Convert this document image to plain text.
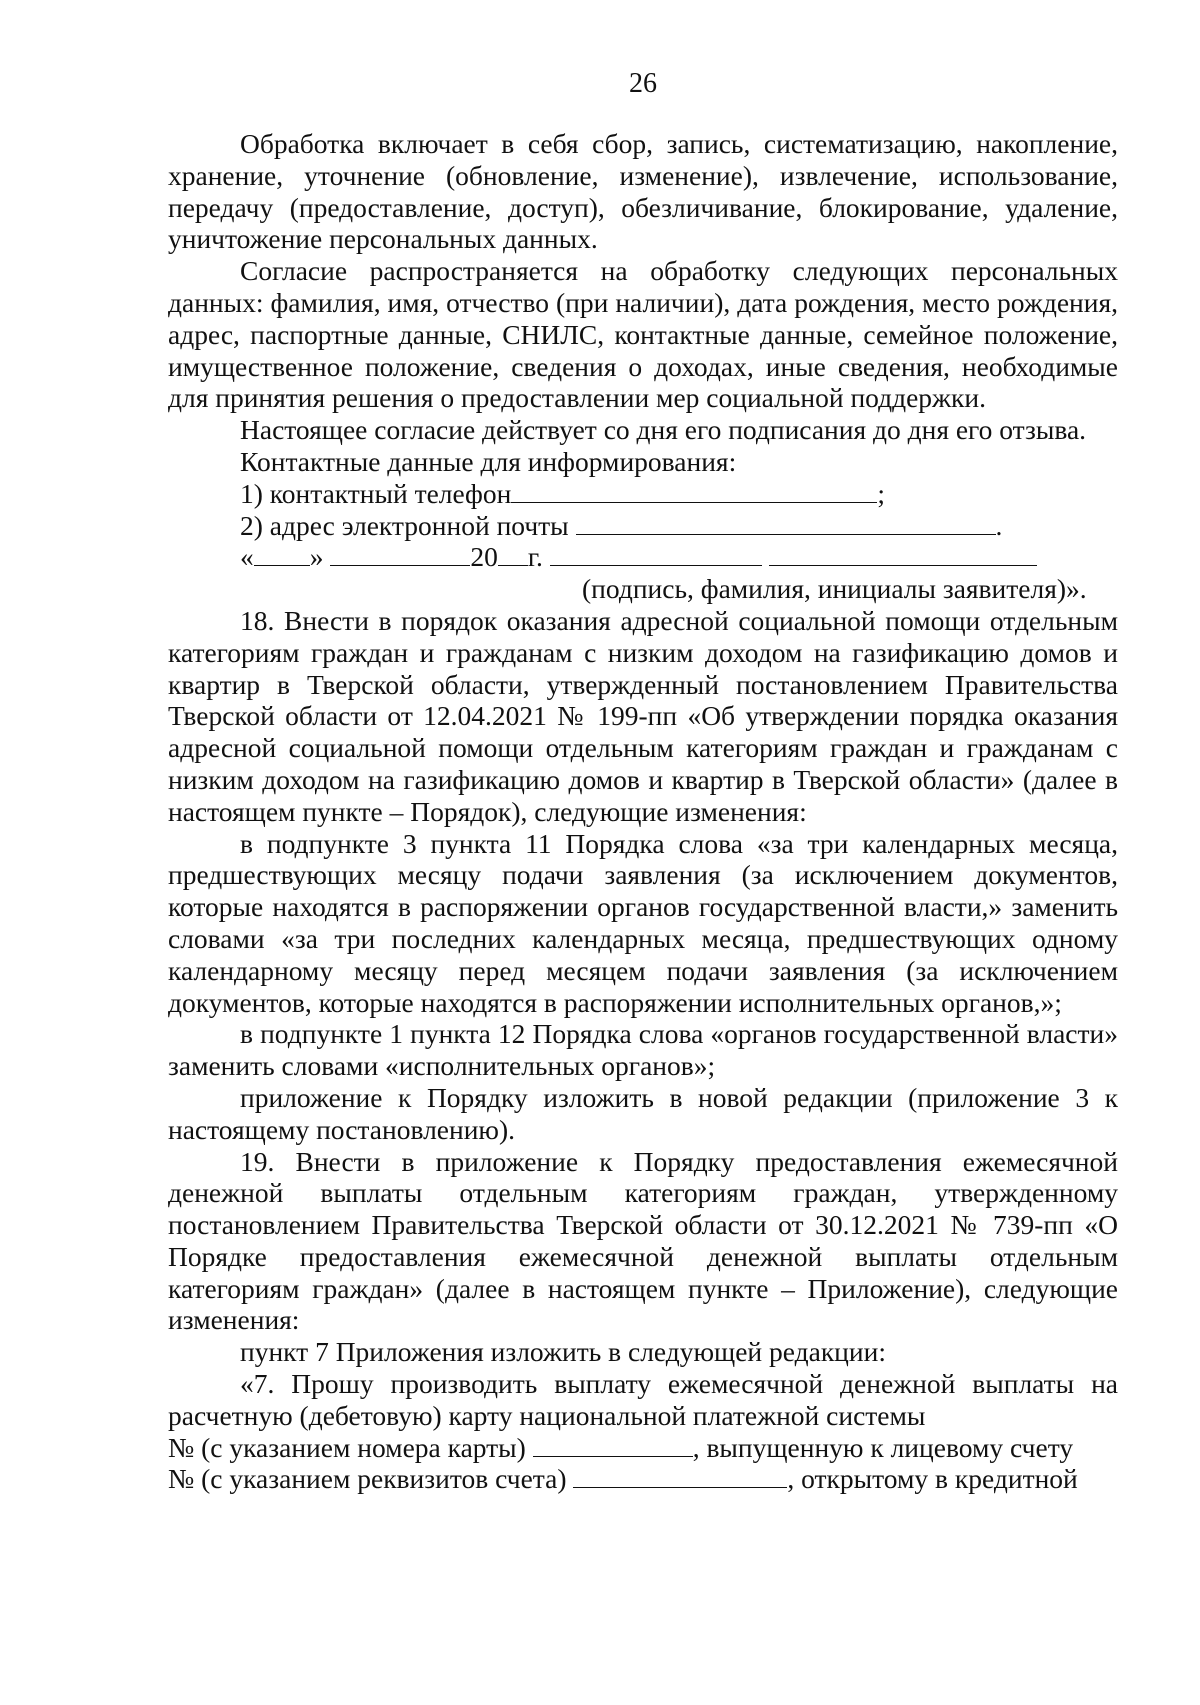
26

Обработка включает в себя сбор, запись, систематизацию, накопление, хранение, уточнение (обновление, изменение), извлечение, использование, передачу (предоставление, доступ), обезличивание, блокирование, удаление, уничтожение персональных данных.

Согласие распространяется на обработку следующих персональных данных: фамилия, имя, отчество (при наличии), дата рождения, место рождения, адрес, паспортные данные, СНИЛС, контактные данные, семейное положение, имущественное положение, сведения о доходах, иные сведения, необходимые для принятия решения о предоставлении мер социальной поддержки.

Настоящее согласие действует со дня его подписания до дня его отзыва.

Контактные данные для информирования:

1) контактный телефон	;

2) адрес электронной почты	.

« »	20 г.

(подпись, фамилия, инициалы заявителя)».

18. Внести в порядок оказания адресной социальной помощи отдельным категориям граждан и гражданам с низким доходом на газификацию домов и квартир в Тверской области, утвержденный постановлением Правительства Тверской области от 12.04.2021 № 199-пп «Об утверждении порядка оказания адресной социальной помощи отдельным категориям граждан и гражданам с низким доходом на газификацию домов и квартир в Тверской области» (далее в настоящем пункте – Порядок), следующие изменения:

в подпункте 3 пункта 11 Порядка слова «за три календарных месяца, предшествующих месяцу подачи заявления (за исключением документов, которые находятся в распоряжении органов государственной власти,» заменить словами «за три последних календарных месяца, предшествующих одному календарному месяцу перед месяцем подачи заявления (за исключением документов, которые находятся в распоряжении исполнительных органов,»;

в подпункте 1 пункта 12 Порядка слова «органов государственной власти» заменить словами «исполнительных органов»;

приложение к Порядку изложить в новой редакции (приложение 3 к настоящему постановлению).

19. Внести в приложение к Порядку предоставления ежемесячной денежной выплаты отдельным категориям граждан, утвержденному постановлением Правительства Тверской области от 30.12.2021 № 739-пп «О Порядке предоставления ежемесячной денежной выплаты отдельным категориям граждан» (далее в настоящем пункте – Приложение), следующие изменения:

пункт 7 Приложения изложить в следующей редакции:

«7. Прошу производить выплату ежемесячной денежной выплаты на расчетную (дебетовую) карту национальной платежной системы

№ (с указанием номера карты)	, выпущенную к лицевому счету

№ (с указанием реквизитов счета)	, открытому в кредитной
